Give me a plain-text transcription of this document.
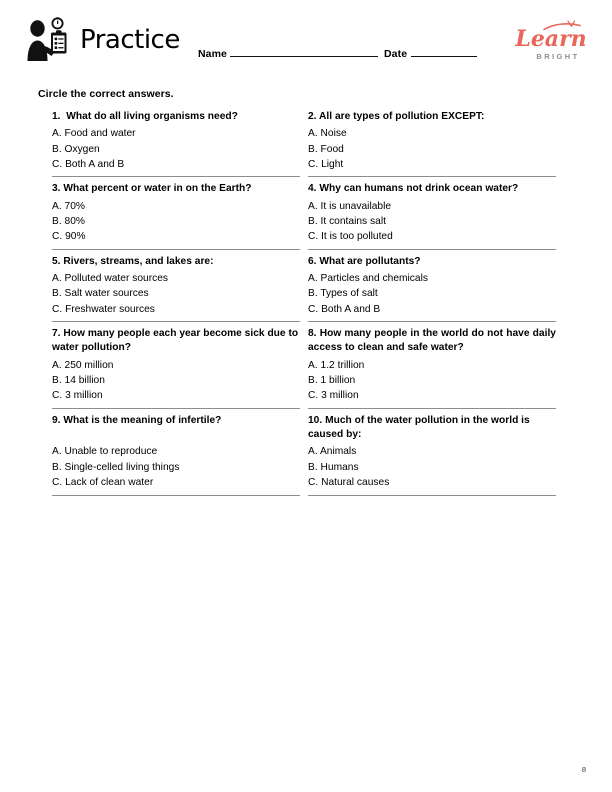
Practice Name	Date
Learn
BRIGHT
Circle the correct answers.
1. What do all living organisms need?
A. Food and water
B. Oxygen
C. Both A and B
2. All are types of pollution EXCEPT:
A. Noise
B. Food
C. Light
3. What percent or water in on the Earth?
A. 70%
B. 80%
C. 90%
4. Why can humans not drink ocean water?
A. It is unavailable
B. It contains salt
C. It is too polluted
5. Rivers, streams, and lakes are:
A. Polluted water sources
B. Salt water sources
C. Freshwater sources
6. What are pollutants?
A. Particles and chemicals
B. Types of salt
C. Both A and B
7. How many people each year become sick due to water pollution?
A. 250 million
B. 14 billion
C. 3 million
8. How many people in the world do not have daily access to clean and safe water?
A. 1.2 trillion
B. 1 billion
C. 3 million
9. What is the meaning of infertile?
A. Unable to reproduce
B. Single-celled living things
C. Lack of clean water
10. Much of the water pollution in the world is caused by:
A. Animals
B. Humans
C. Natural causes
8
